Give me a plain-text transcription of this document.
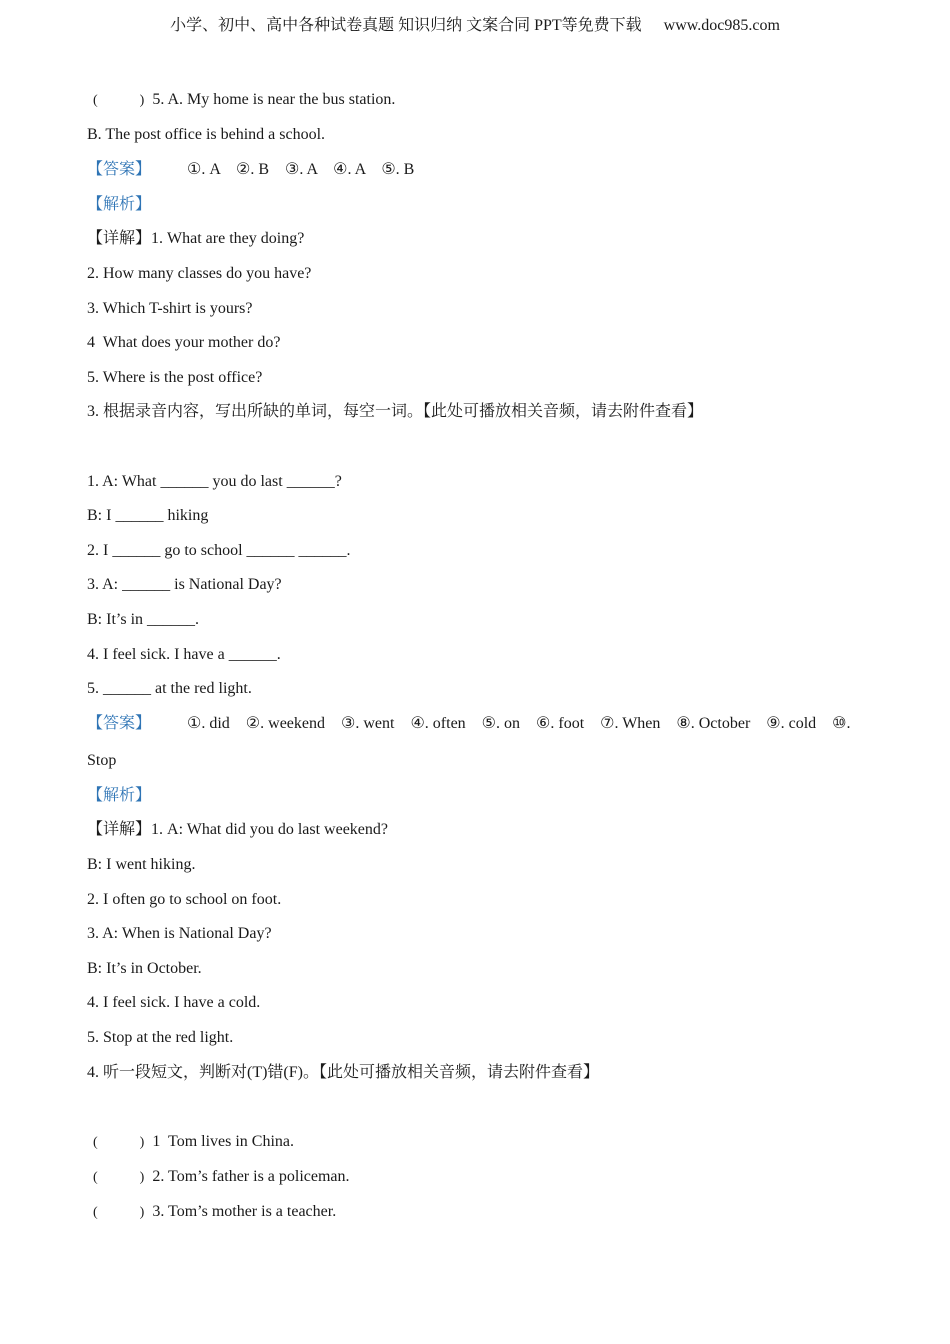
小学、初中、高中各种试卷真题 知识归纳 文案合同 PPT等免费下载 www.doc985.com
(            ) 5. A. My home is near the bus station.
B. The post office is behind a school.
【答案】 ①. A    ②. B    ③. A    ④. A    ⑤. B
【解析】
【详解】1. What are they doing?
2. How many classes do you have?
3. Which T-shirt is yours?
4  What does your mother do?
5. Where is the post office?
3. 根据录音内容，写出所缺的单词，每空一词。【此处可播放相关音频，请去附件查看】
1. A: What ______ you do last ______?
B: I ______ hiking
2. I ______ go to school ______ ______.
3. A: ______ is National Day?
B: It’s in ______.
4. I feel sick. I have a ______.
5. ______ at the red light.
【答案】 ①. did    ②. weekend    ③. went    ④. often    ⑤. on    ⑥. foot    ⑦. When    ⑧. October    ⑨. cold    ⑩.
Stop
【解析】
【详解】1. A: What did you do last weekend?
B: I went hiking.
2. I often go to school on foot.
3. A: When is National Day?
B: It’s in October.
4. I feel sick. I have a cold.
5. Stop at the red light.
4. 听一段短文，判断对(T)错(F)。【此处可播放相关音频，请去附件查看】
(            ) 1  Tom lives in China.
(            ) 2. Tom’s father is a policeman.
(            ) 3. Tom’s mother is a teacher.
